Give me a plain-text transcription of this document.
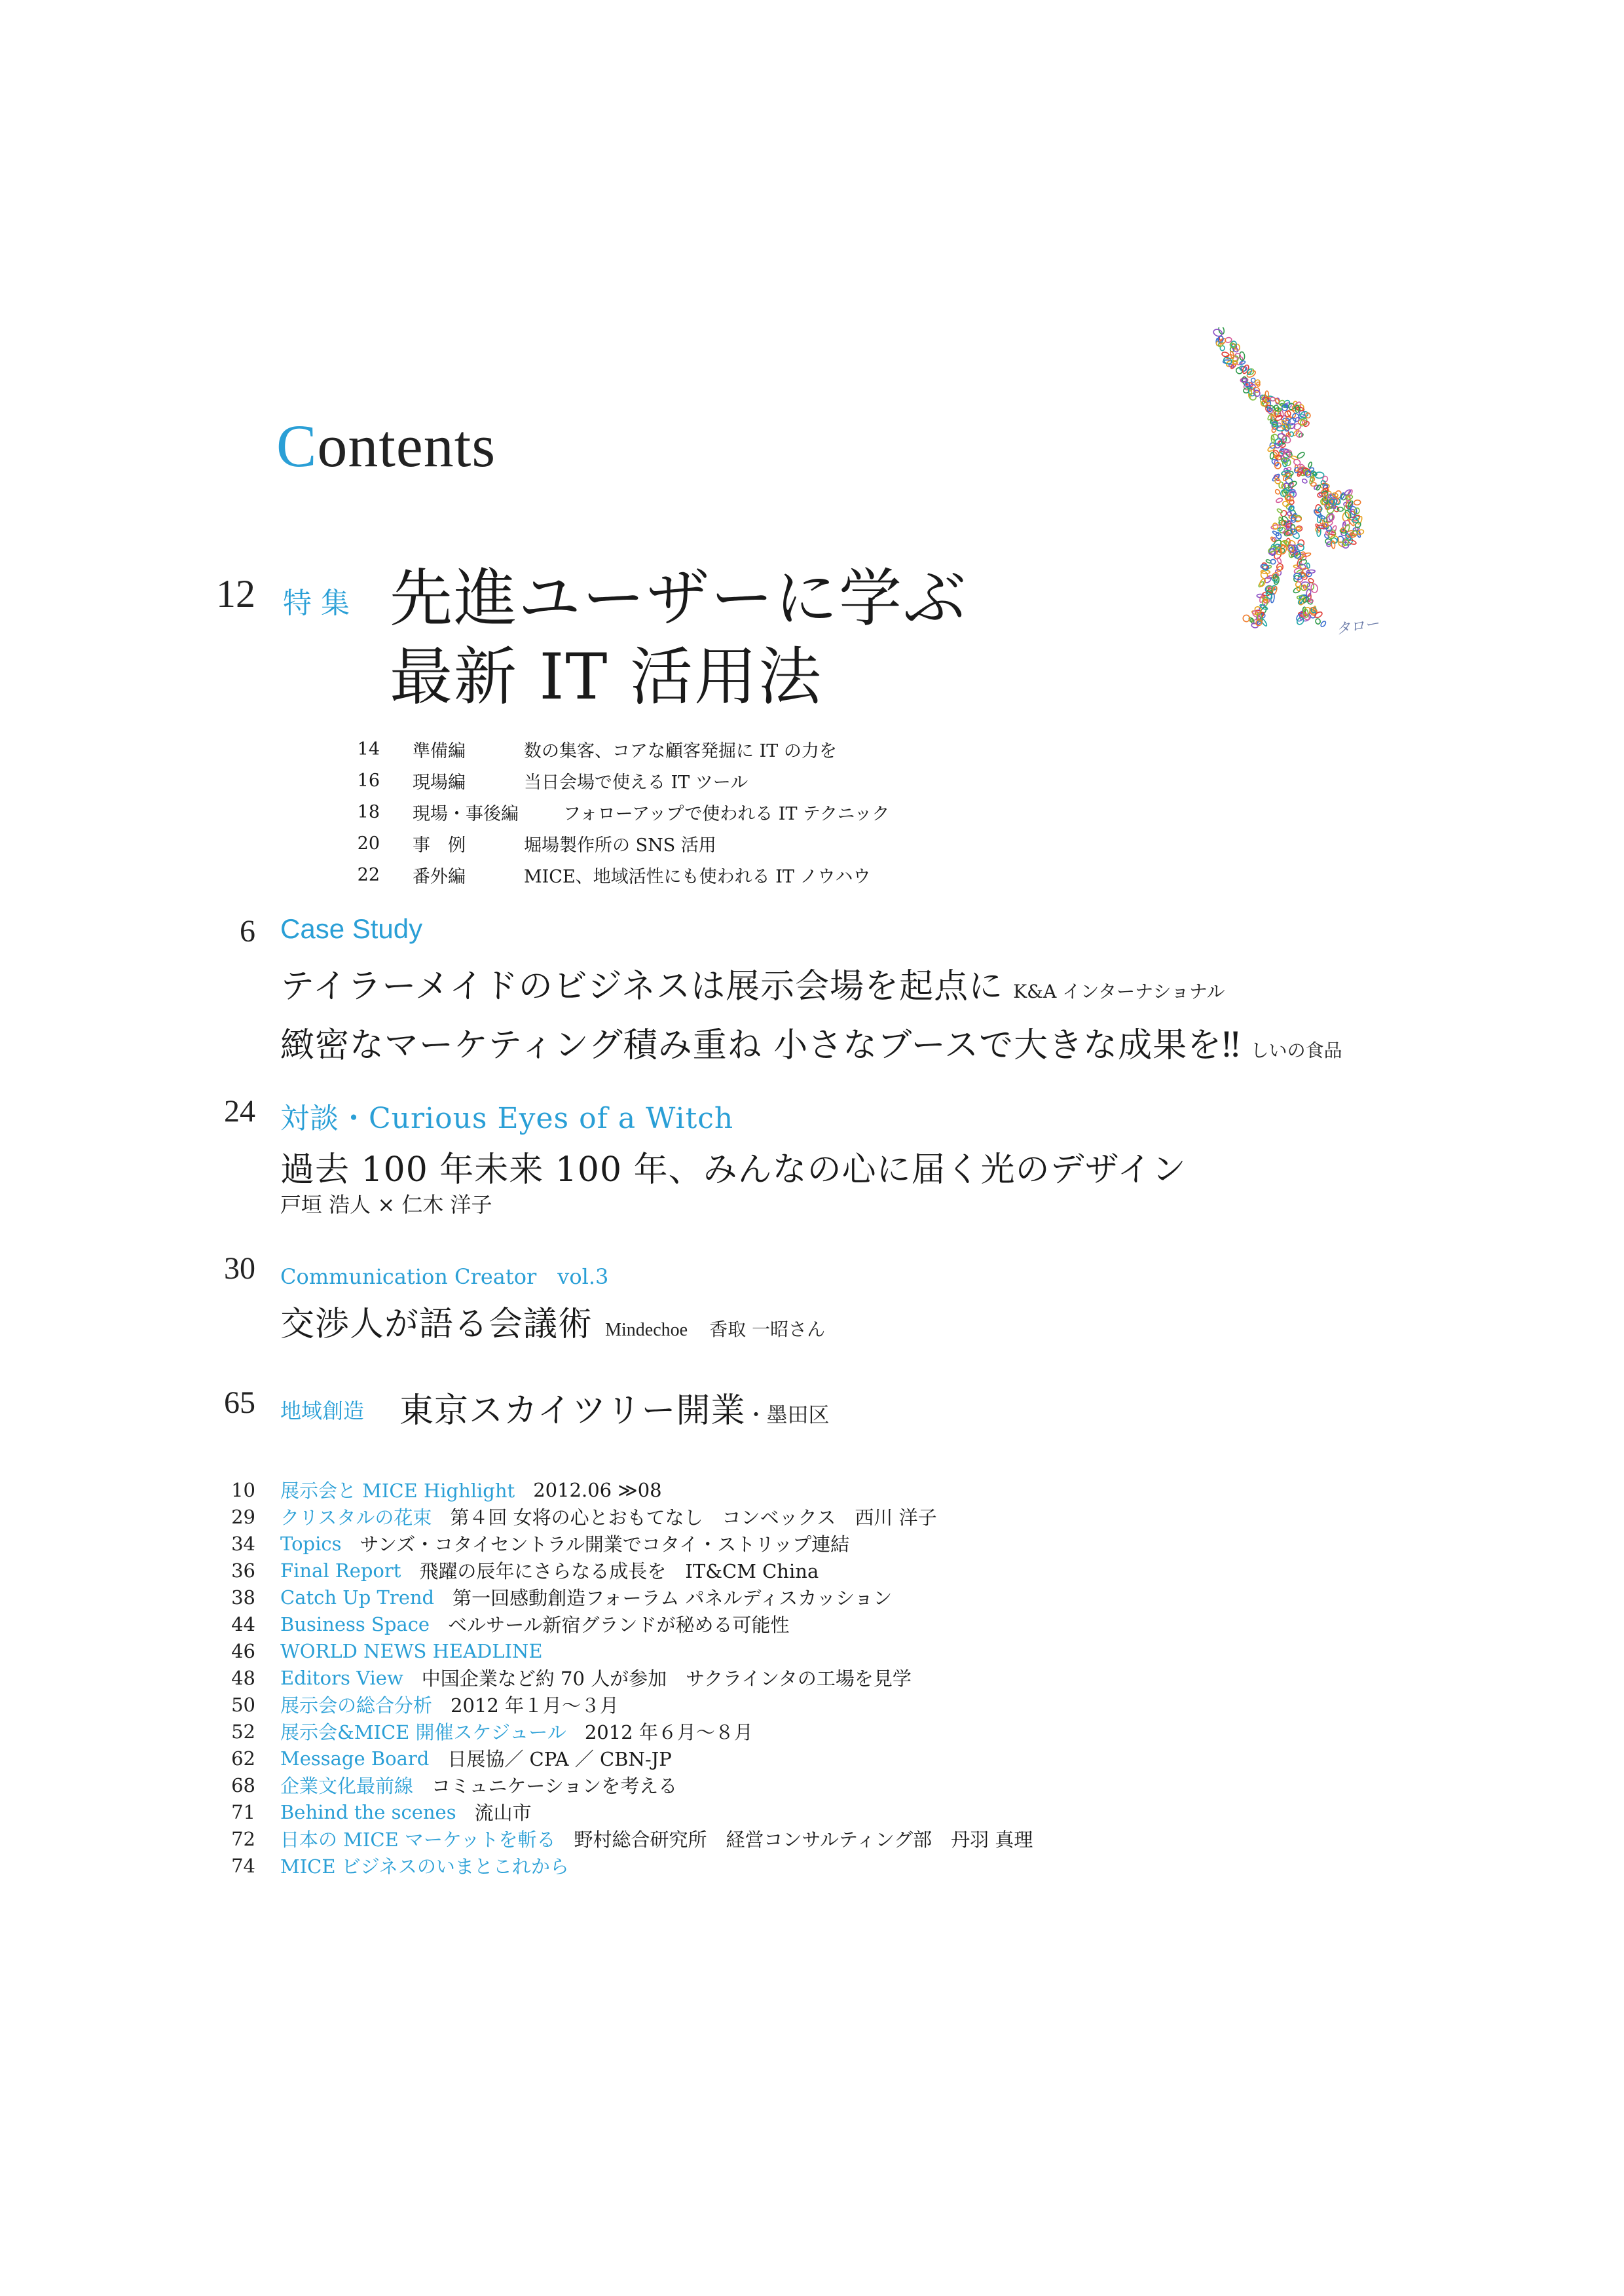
Contents
タロー
12 特集 先進ユーザーに学ぶ
最新 IT 活用法
14 準備編	数の集客、コアな顧客発掘に IT の力を
16 現場編	当日会場で使える IT ツール
18 現場・事後編	フォローアップで使われる IT テクニック
20 事　例	堀場製作所の SNS 活用
22 番外編	MICE、地域活性にも使われる IT ノウハウ
6 Case Study
テイラーメイドのビジネスは展示会場を起点に K&A インターナショナル
緻密なマーケティング積み重ね 小さなブースで大きな成果を‼ しいの食品
24 対談・Curious Eyes of a Witch
過去 100 年未来 100 年、みんなの心に届く光のデザイン
戸垣 浩人 × 仁木 洋子
30 Communication Creator　vol.3
交渉人が語る会議術 Mindechoe 香取 一昭さん
65 地域創造 東京スカイツリー開業・墨田区
10 展示会と MICE Highlight 2012.06 ≫08
29 クリスタルの花束 第４回 女将の心とおもてなし　コンベックス　西川 洋子
34 Topics サンズ・コタイセントラル開業でコタイ・ストリップ連結
36 Final Report 飛躍の辰年にさらなる成長を　IT&CM China
38 Catch Up Trend 第一回感動創造フォーラム パネルディスカッション
44 Business Space ベルサール新宿グランドが秘める可能性
46 WORLD NEWS HEADLINE
48 Editors View 中国企業など約 70 人が参加　サクラインタの工場を見学
50 展示会の総合分析 2012 年１月～３月
52 展示会&MICE 開催スケジュール 2012 年６月～８月
62 Message Board 日展協／ CPA ／ CBN-JP
68 企業文化最前線 コミュニケーションを考える
71 Behind the scenes 流山市
72 日本の MICE マーケットを斬る 野村総合研究所　経営コンサルティング部　丹羽 真理
74 MICE ビジネスのいまとこれから
